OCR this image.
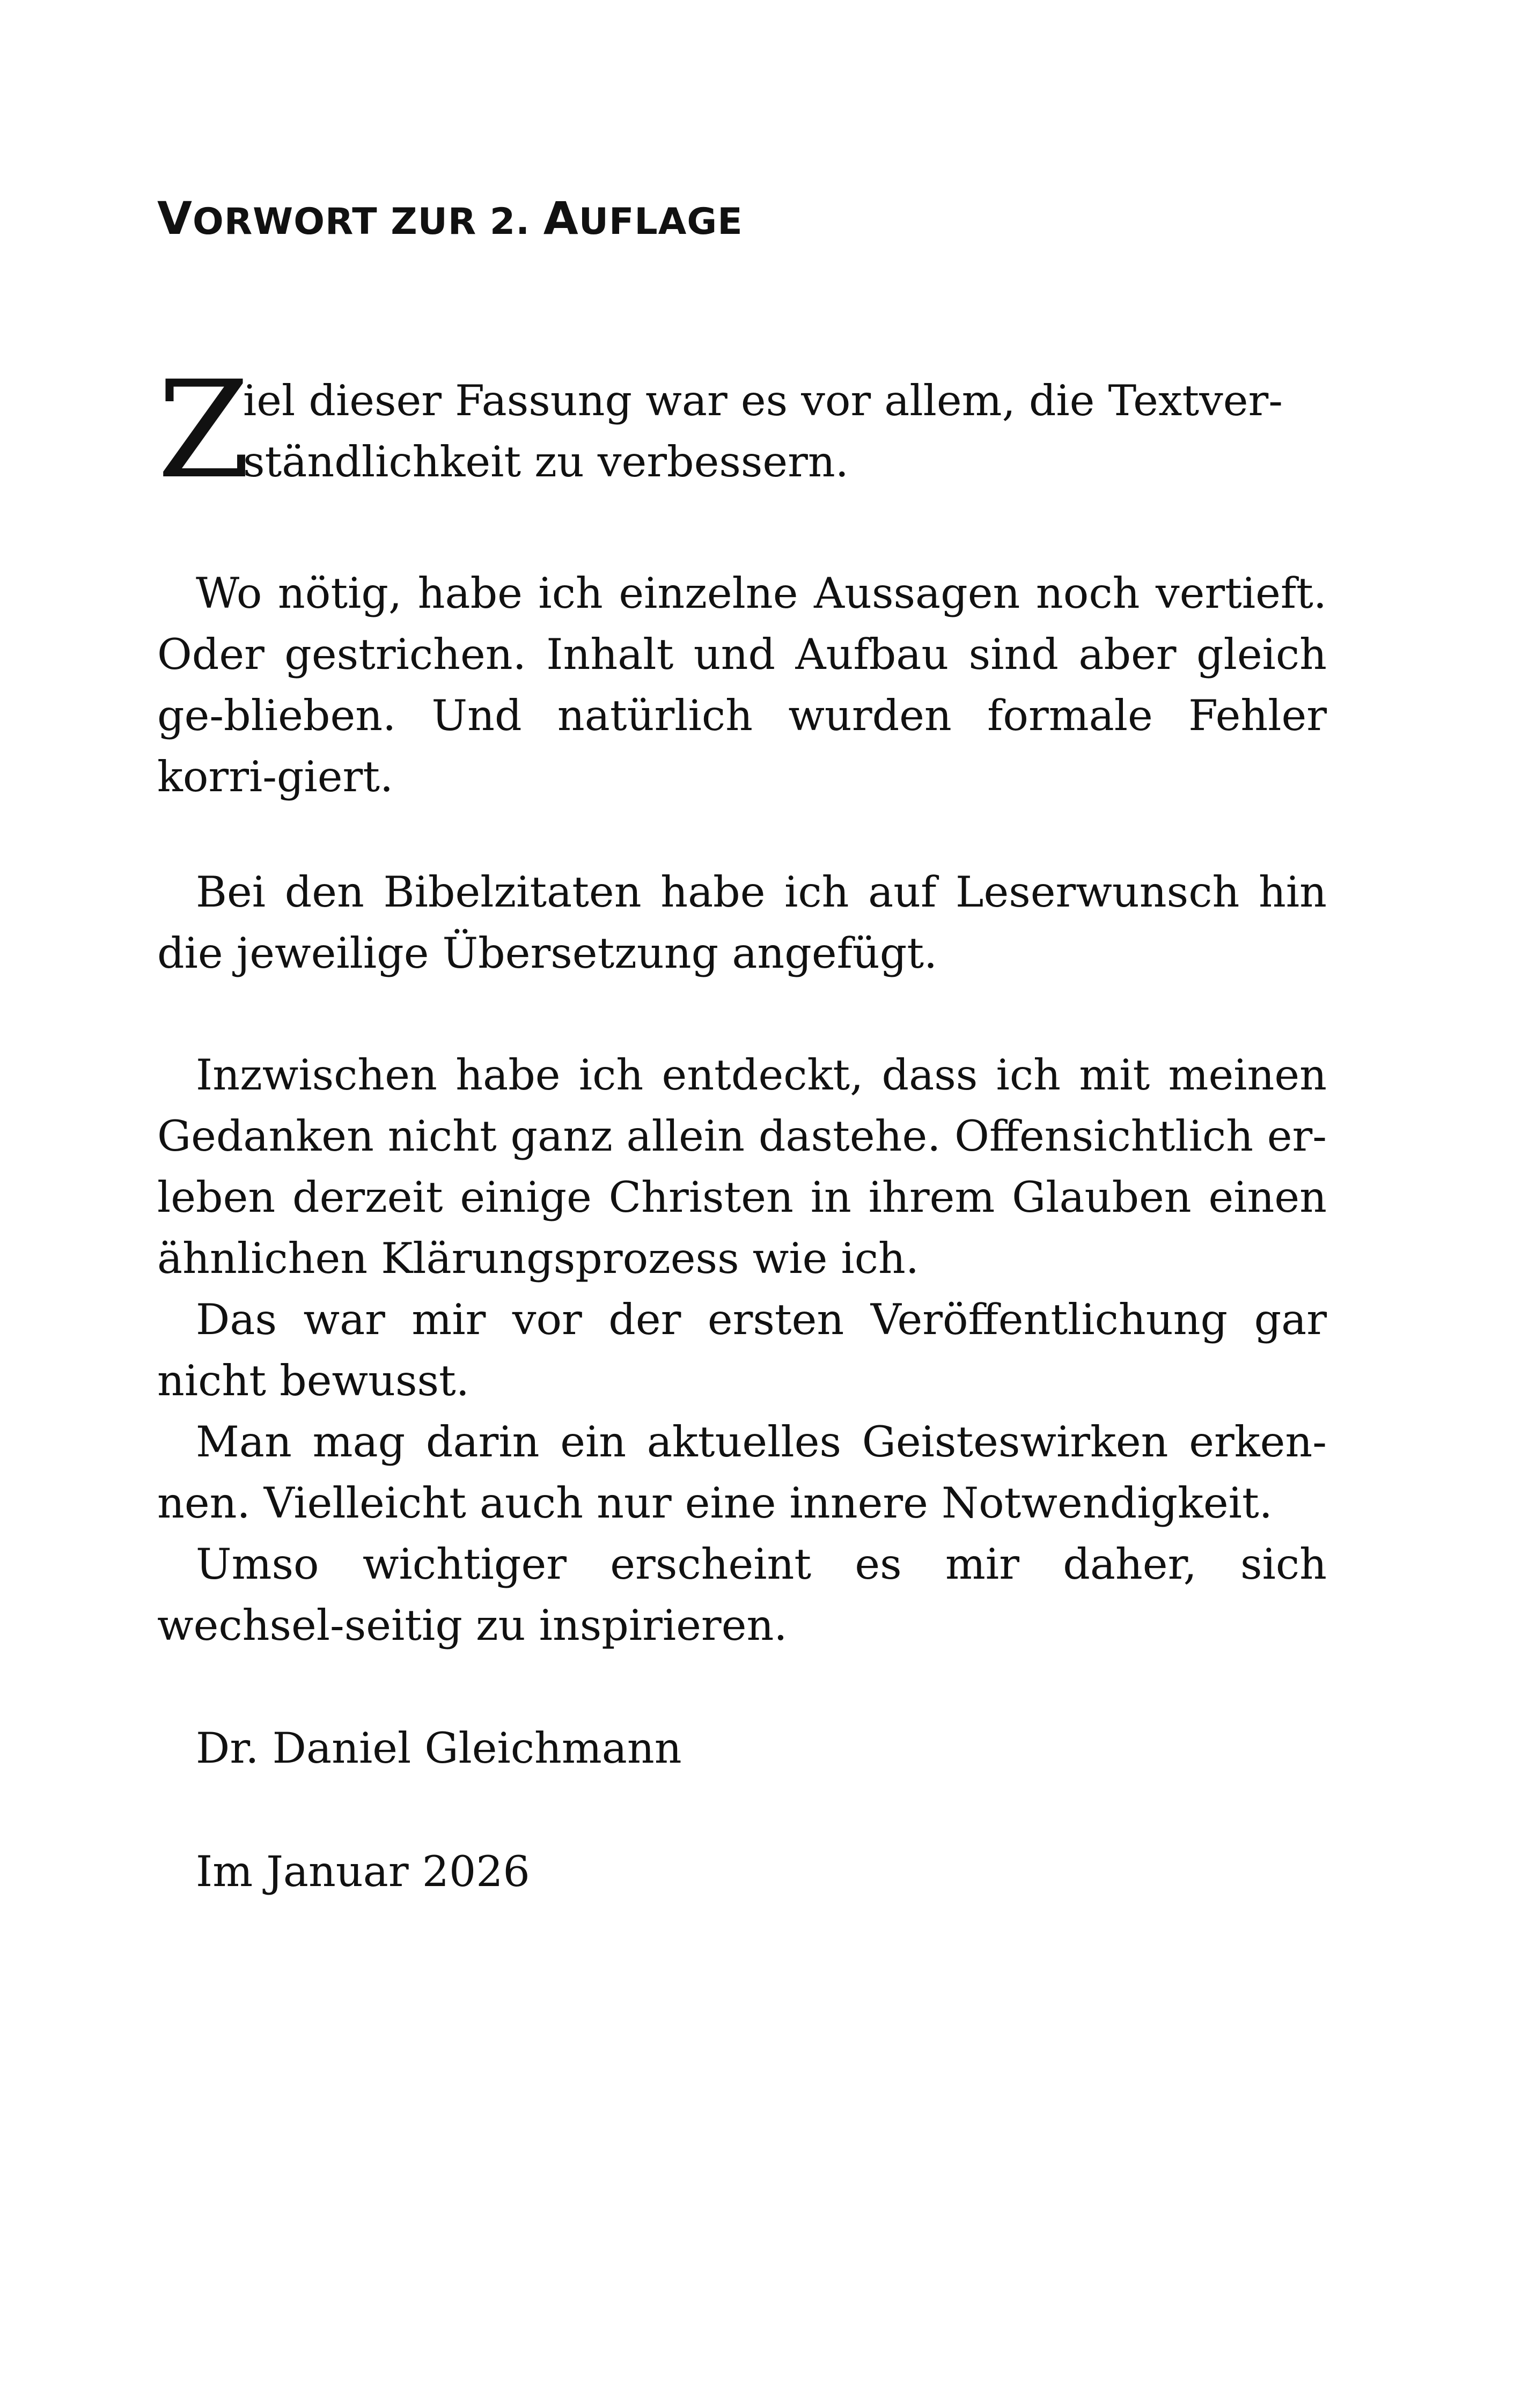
VORWORT ZUR 2. AUFLAGE
Z
iel dieser Fassung war es vor allem, die Textver-
ständlichkeit zu verbessern.

Wo nötig, habe ich einzelne Aussagen noch vertieft. Oder gestrichen. Inhalt und Aufbau sind aber gleich ge-blieben. Und natürlich wurden formale Fehler korri-giert.

Bei den Bibelzitaten habe ich auf Leserwunsch hin die jeweilige Übersetzung angefügt.

Inzwischen habe ich entdeckt, dass ich mit meinen Gedanken nicht ganz allein dastehe. Offensichtlich er-leben derzeit einige Christen in ihrem Glauben einen ähnlichen Klärungsprozess wie ich.

Das war mir vor der ersten Veröffentlichung gar nicht bewusst.

Man mag darin ein aktuelles Geisteswirken erken-nen. Vielleicht auch nur eine innere Notwendigkeit.

Umso wichtiger erscheint es mir daher, sich wechsel-seitig zu inspirieren.

Dr. Daniel Gleichmann
Im Januar 2026
